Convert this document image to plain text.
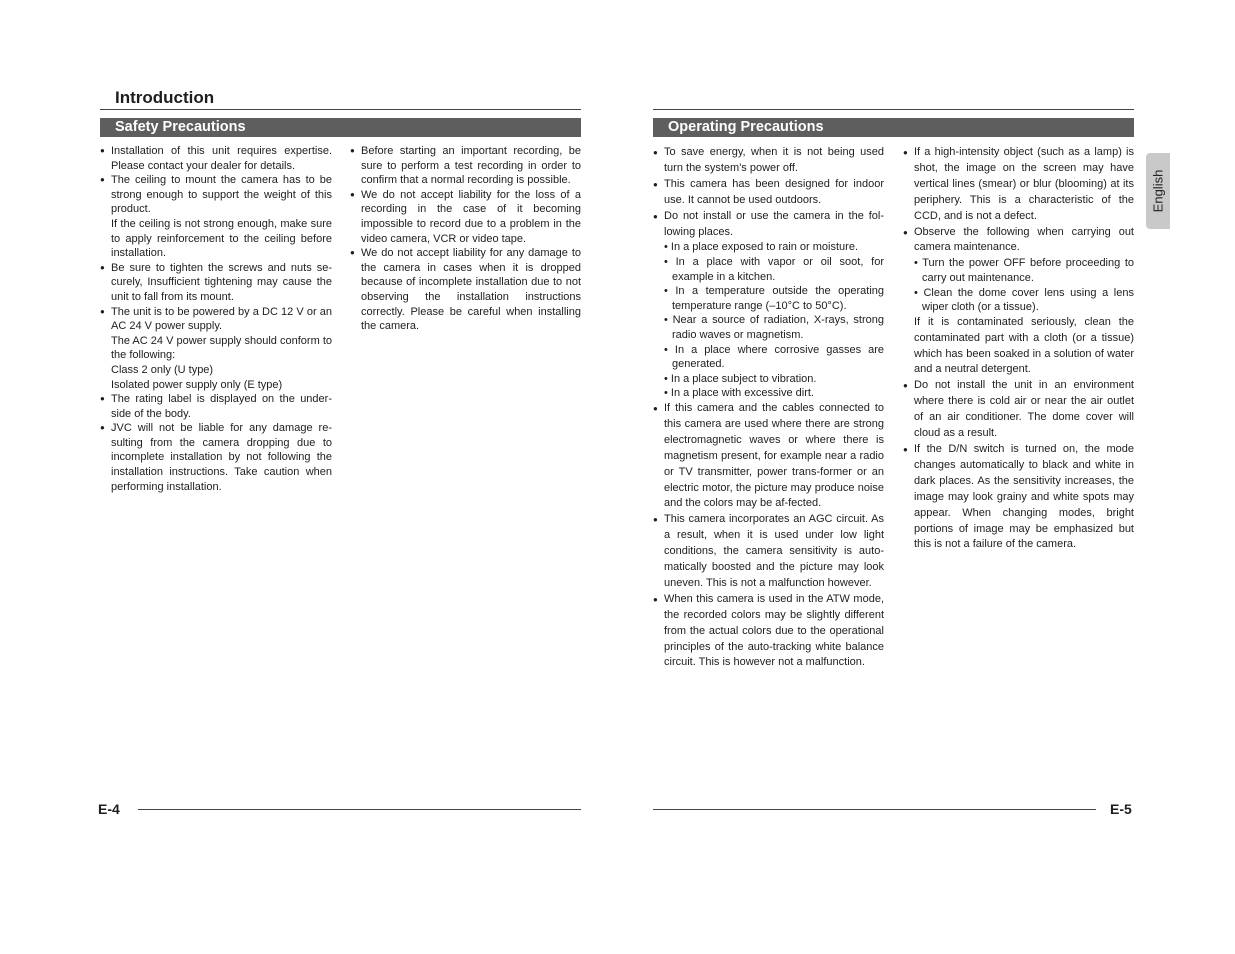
Introduction
Safety Precautions

● Installation of this unit requires expertise. Please contact your dealer for details.

● The ceiling to mount the camera has to be strong enough to support the weight of this product.

If the ceiling is not strong enough, make sure to apply reinforcement to the ceiling before installation.

● Be sure to tighten the screws and nuts se-curely, Insufficient tightening may cause the unit to fall from its mount.

● The unit is to be powered by a DC 12 V or an AC 24 V power supply.

The AC 24 V power supply should conform to the following:

Class 2 only (U type)

Isolated power supply only (E type)

● The rating label is displayed on the under-side of the body.

● JVC will not be liable for any damage re-sulting from the camera dropping due to incomplete installation by not following the installation instructions. Take caution when performing installation.

● Before starting an important recording, be sure to perform a test recording in order to confirm that a normal recording is possible.

● We do not accept liability for the loss of a recording in the case of it becoming impossible to record due to a problem in the video camera, VCR or video tape.

● We do not accept liability for any damage to the camera in cases when it is dropped because of incomplete installation due to not observing the installation instructions correctly. Please be careful when installing the camera.

Operating Precautions

● To save energy, when it is not being used turn the system's power off.

● This camera has been designed for indoor use. It cannot be used outdoors.

● Do not install or use the camera in the fol-lowing places.

• In a place exposed to rain or moisture.
• In a place with vapor or oil soot, for example in a kitchen.
• In a temperature outside the operating temperature range (–10°C to 50°C).
• Near a source of radiation, X-rays, strong radio waves or magnetism.
• In a place where corrosive gasses are generated.
• In a place subject to vibration.
• In a place with excessive dirt.

● If this camera and the cables connected to this camera are used where there are strong electromagnetic waves or where there is magnetism present, for example near a radio or TV transmitter, power trans-former or an electric motor, the picture may produce noise and the colors may be af-fected.

● This camera incorporates an AGC circuit. As a result, when it is used under low light conditions, the camera sensitivity is auto-matically boosted and the picture may look uneven. This is not a malfunction however.

● When this camera is used in the ATW mode, the recorded colors may be slightly different from the actual colors due to the operational principles of the auto-tracking white balance circuit. This is however not a malfunction.

● If a high-intensity object (such as a lamp) is shot, the image on the screen may have vertical lines (smear) or blur (blooming) at its periphery. This is a characteristic of the CCD, and is not a defect.

● Observe the following when carrying out camera maintenance.

• Turn the power OFF before proceeding to carry out maintenance.
• Clean the dome cover lens using a lens wiper cloth (or a tissue).

If it is contaminated seriously, clean the contaminated part with a cloth (or a tissue) which has been soaked in a solution of water and a neutral detergent.

● Do not install the unit in an environment where there is cold air or near the air outlet of an air conditioner. The dome cover will cloud as a result.

● If the D/N switch is turned on, the mode changes automatically to black and white in dark places. As the sensitivity increases, the image may look grainy and white spots may appear. When changing modes, bright portions of image may be emphasized but this is not a failure of the camera.

English
E-4	E-5
